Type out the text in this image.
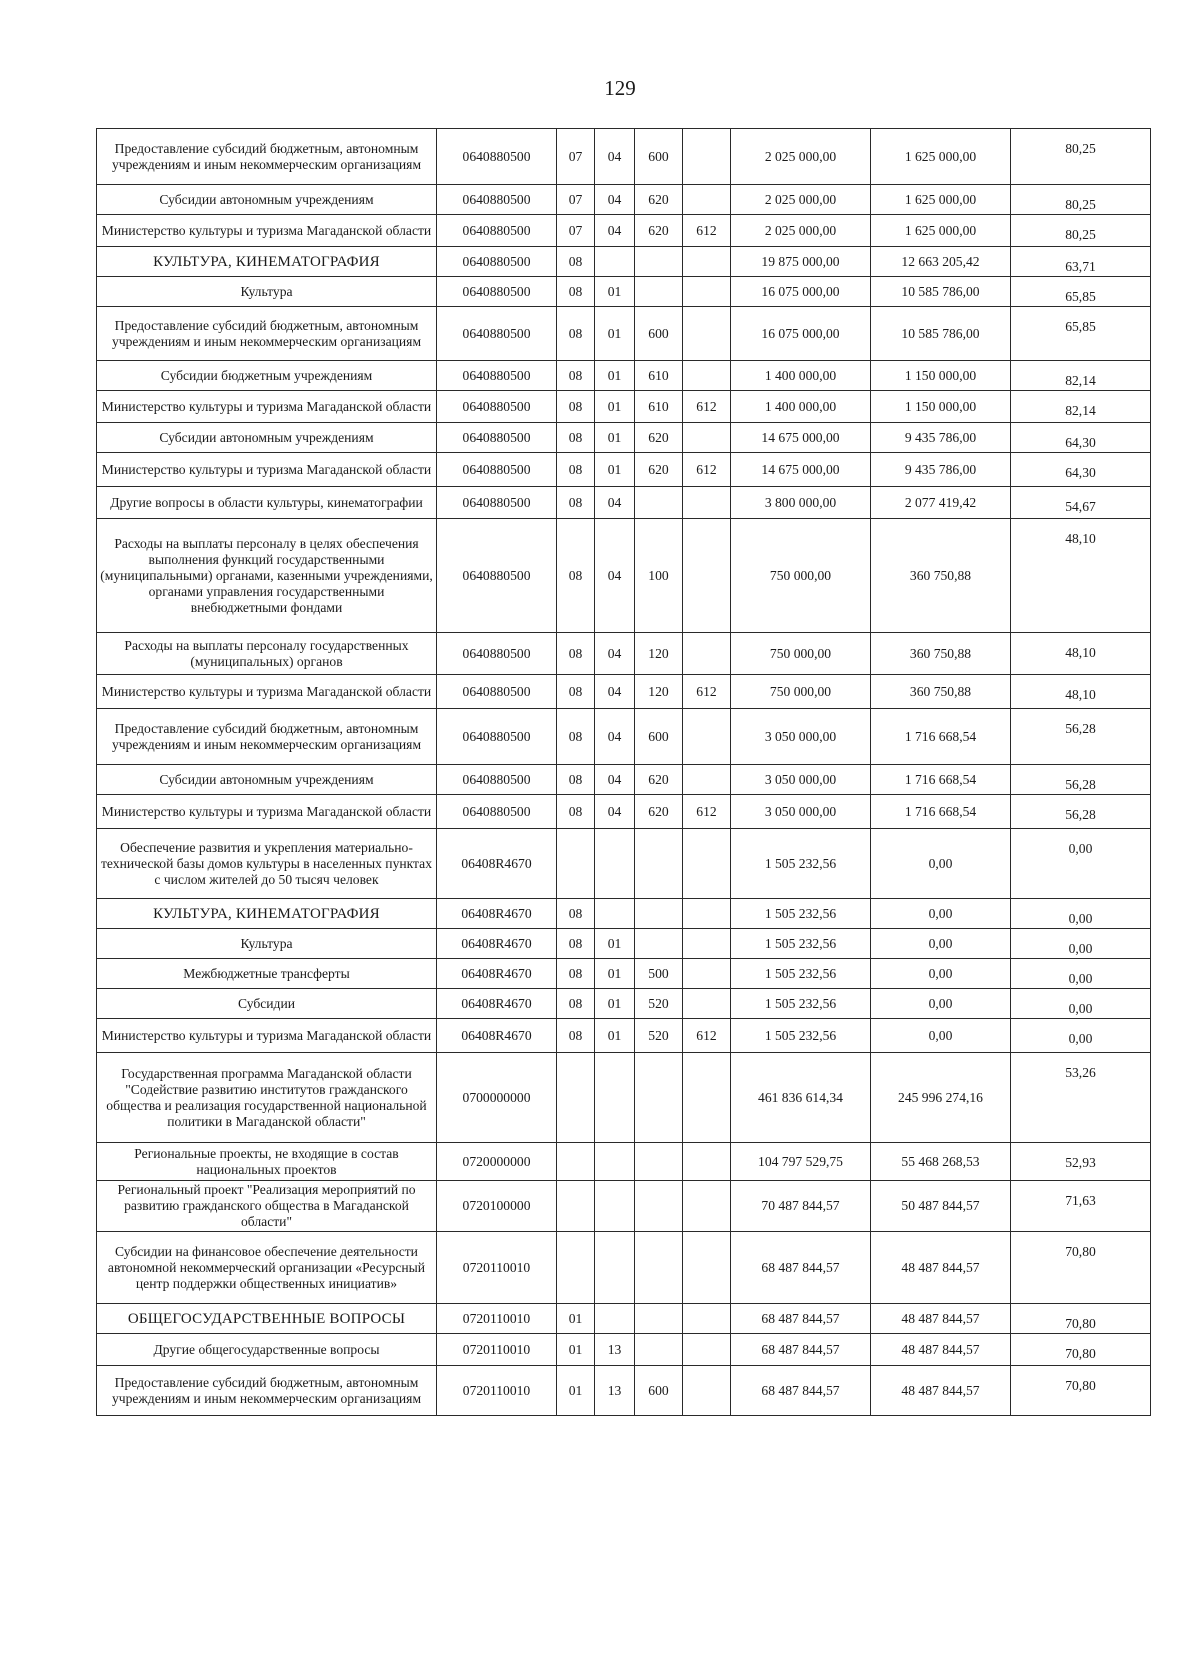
129
Предоставление субсидий бюджетным, автономным учреждениям и иным некоммерческим организациям	0640880500	07	04	600		2 025 000,00	1 625 000,00	80,25
Субсидии автономным учреждениям	0640880500	07	04	620		2 025 000,00	1 625 000,00	80,25
Министерство культуры и туризма Магаданской области	0640880500	07	04	620	612	2 025 000,00	1 625 000,00	80,25
КУЛЬТУРА, КИНЕМАТОГРАФИЯ	0640880500	08				19 875 000,00	12 663 205,42	63,71
Культура	0640880500	08	01			16 075 000,00	10 585 786,00	65,85
Предоставление субсидий бюджетным, автономным учреждениям и иным некоммерческим организациям	0640880500	08	01	600		16 075 000,00	10 585 786,00	65,85
Субсидии бюджетным учреждениям	0640880500	08	01	610		1 400 000,00	1 150 000,00	82,14
Министерство культуры и туризма Магаданской области	0640880500	08	01	610	612	1 400 000,00	1 150 000,00	82,14
Субсидии автономным учреждениям	0640880500	08	01	620		14 675 000,00	9 435 786,00	64,30
Министерство культуры и туризма Магаданской области	0640880500	08	01	620	612	14 675 000,00	9 435 786,00	64,30
Другие вопросы в области культуры, кинематографии	0640880500	08	04			3 800 000,00	2 077 419,42	54,67
Расходы на выплаты персоналу в целях обеспечения выполнения функций государственными (муниципальными) органами, казенными учреждениями, органами управления государственными внебюджетными фондами	0640880500	08	04	100		750 000,00	360 750,88	48,10
Расходы на выплаты персоналу государственных (муниципальных) органов	0640880500	08	04	120		750 000,00	360 750,88	48,10
Министерство культуры и туризма Магаданской области	0640880500	08	04	120	612	750 000,00	360 750,88	48,10
Предоставление субсидий бюджетным, автономным учреждениям и иным некоммерческим организациям	0640880500	08	04	600		3 050 000,00	1 716 668,54	56,28
Субсидии автономным учреждениям	0640880500	08	04	620		3 050 000,00	1 716 668,54	56,28
Министерство культуры и туризма Магаданской области	0640880500	08	04	620	612	3 050 000,00	1 716 668,54	56,28
Обеспечение развития и укрепления материально-технической базы домов культуры в населенных пунктах с числом жителей до 50 тысяч человек	06408R4670					1 505 232,56	0,00	0,00
КУЛЬТУРА, КИНЕМАТОГРАФИЯ	06408R4670	08				1 505 232,56	0,00	0,00
Культура	06408R4670	08	01			1 505 232,56	0,00	0,00
Межбюджетные трансферты	06408R4670	08	01	500		1 505 232,56	0,00	0,00
Субсидии	06408R4670	08	01	520		1 505 232,56	0,00	0,00
Министерство культуры и туризма Магаданской области	06408R4670	08	01	520	612	1 505 232,56	0,00	0,00
Государственная программа Магаданской области "Содействие развитию институтов гражданского общества и реализация государственной национальной политики в Магаданской области"	0700000000					461 836 614,34	245 996 274,16	53,26
Региональные проекты, не входящие в состав национальных проектов	0720000000					104 797 529,75	55 468 268,53	52,93
Региональный проект "Реализация мероприятий по развитию гражданского общества в Магаданской области"	0720100000					70 487 844,57	50 487 844,57	71,63
Субсидии на финансовое обеспечение деятельности автономной некоммерческий организации «Ресурсный центр поддержки общественных инициатив»	0720110010					68 487 844,57	48 487 844,57	70,80
ОБЩЕГОСУДАРСТВЕННЫЕ ВОПРОСЫ	0720110010	01				68 487 844,57	48 487 844,57	70,80
Другие общегосударственные вопросы	0720110010	01	13			68 487 844,57	48 487 844,57	70,80
Предоставление субсидий бюджетным, автономным учреждениям и иным некоммерческим организациям	0720110010	01	13	600		68 487 844,57	48 487 844,57	70,80
